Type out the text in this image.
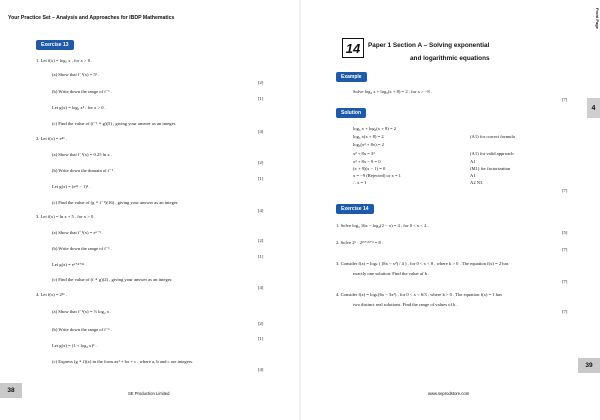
Your Practice Set – Analysis and Approaches for IBDP Mathematics
Exercise 13
1. Let f(x) = log₇ x , for x > 0 .
(a) Show that f⁻¹(x) = 5ˣ .
[2]
(b) Write down the range of f⁻¹ .
[1]
Let g(x) = log₅ x² , for x > 0 .
(c) Find the value of (f⁻¹ ∘ g)(5) , giving your answer as an integer.
[4]
2. Let f(x) = e⁴ˣ .
(a) Show that f⁻¹(x) = 0.25 ln x .
[2]
(b) Write down the domain of f⁻¹ .
[1]
Let g(x) = (e²ˣ − 1)² .
(c) Find the value of (g ∘ f⁻¹)(16) , giving your answer as an integer.
[4]
3. Let f(x) = ln x + 5 , for x > 0 .
(a) Show that f⁻¹(x) = eˣ⁻⁵ .
[2]
(b) Write down the range of f⁻¹ .
[1]
Let g(x) = eˣ⁺⁴⁺³ˣ .
(c) Find the value of (f ∘ g)(2) , giving your answer as an integer.
[4]
4. Let f(x) = 2³ˣ .
(a) Show that f⁻¹(x) = ⅓ log₂ x .
[2]
(b) Write down the range of f⁻¹ .
[1]
Let g(x) = (1 + log₂ x)³ .
(c) Express (g ∘ f)(x) in the form ax³ + bx + c , where a, b and c are integers.
[4]
38	SE Production Limited
Front Page
14	Paper 1 Section A – Solving exponential
and logarithmic equations
Example
Solve log₃ x + log₃(x + 8) = 2 , for x > −8 .
[7]
Solution
log₃ x + log₃(x + 8) = 2
log₃ x(x + 8) = 2
log₃(x² + 8x) = 2
x² + 8x = 3²
x² + 8x − 9 = 0
(x + 9)(x − 1) = 0
x = −9 (Rejected) or x = 1
∴ x = 1
(A1) for correct formula
(A1) for valid approach
A1
(M1) for factorization
A1
A2 N3
[7]
Exercise 14
1. Solve log₃ 16x − log₃(2 − x) = 4 , for 0 < x < 2 .
[5]
2. Solve 2ˣ · 2²ˣ⁺²ˣ⁺³ = 8 .
[7]
3. Consider f(x) = logₖ ( (8x − x²) / 4 ) , for 0 < x < 8 , where k > 0 . The equation f(x) = 2 has
exactly one solution. Find the value of k .
[7]
4. Consider f(x) = logₖ(6x − 3x²) , for 0 < x < 6/3 , where k > 0 . The equation f(x) = 1 has
two distinct real solutions. Find the range of values of k .
[7]
4
39
www.seprodstore.com
